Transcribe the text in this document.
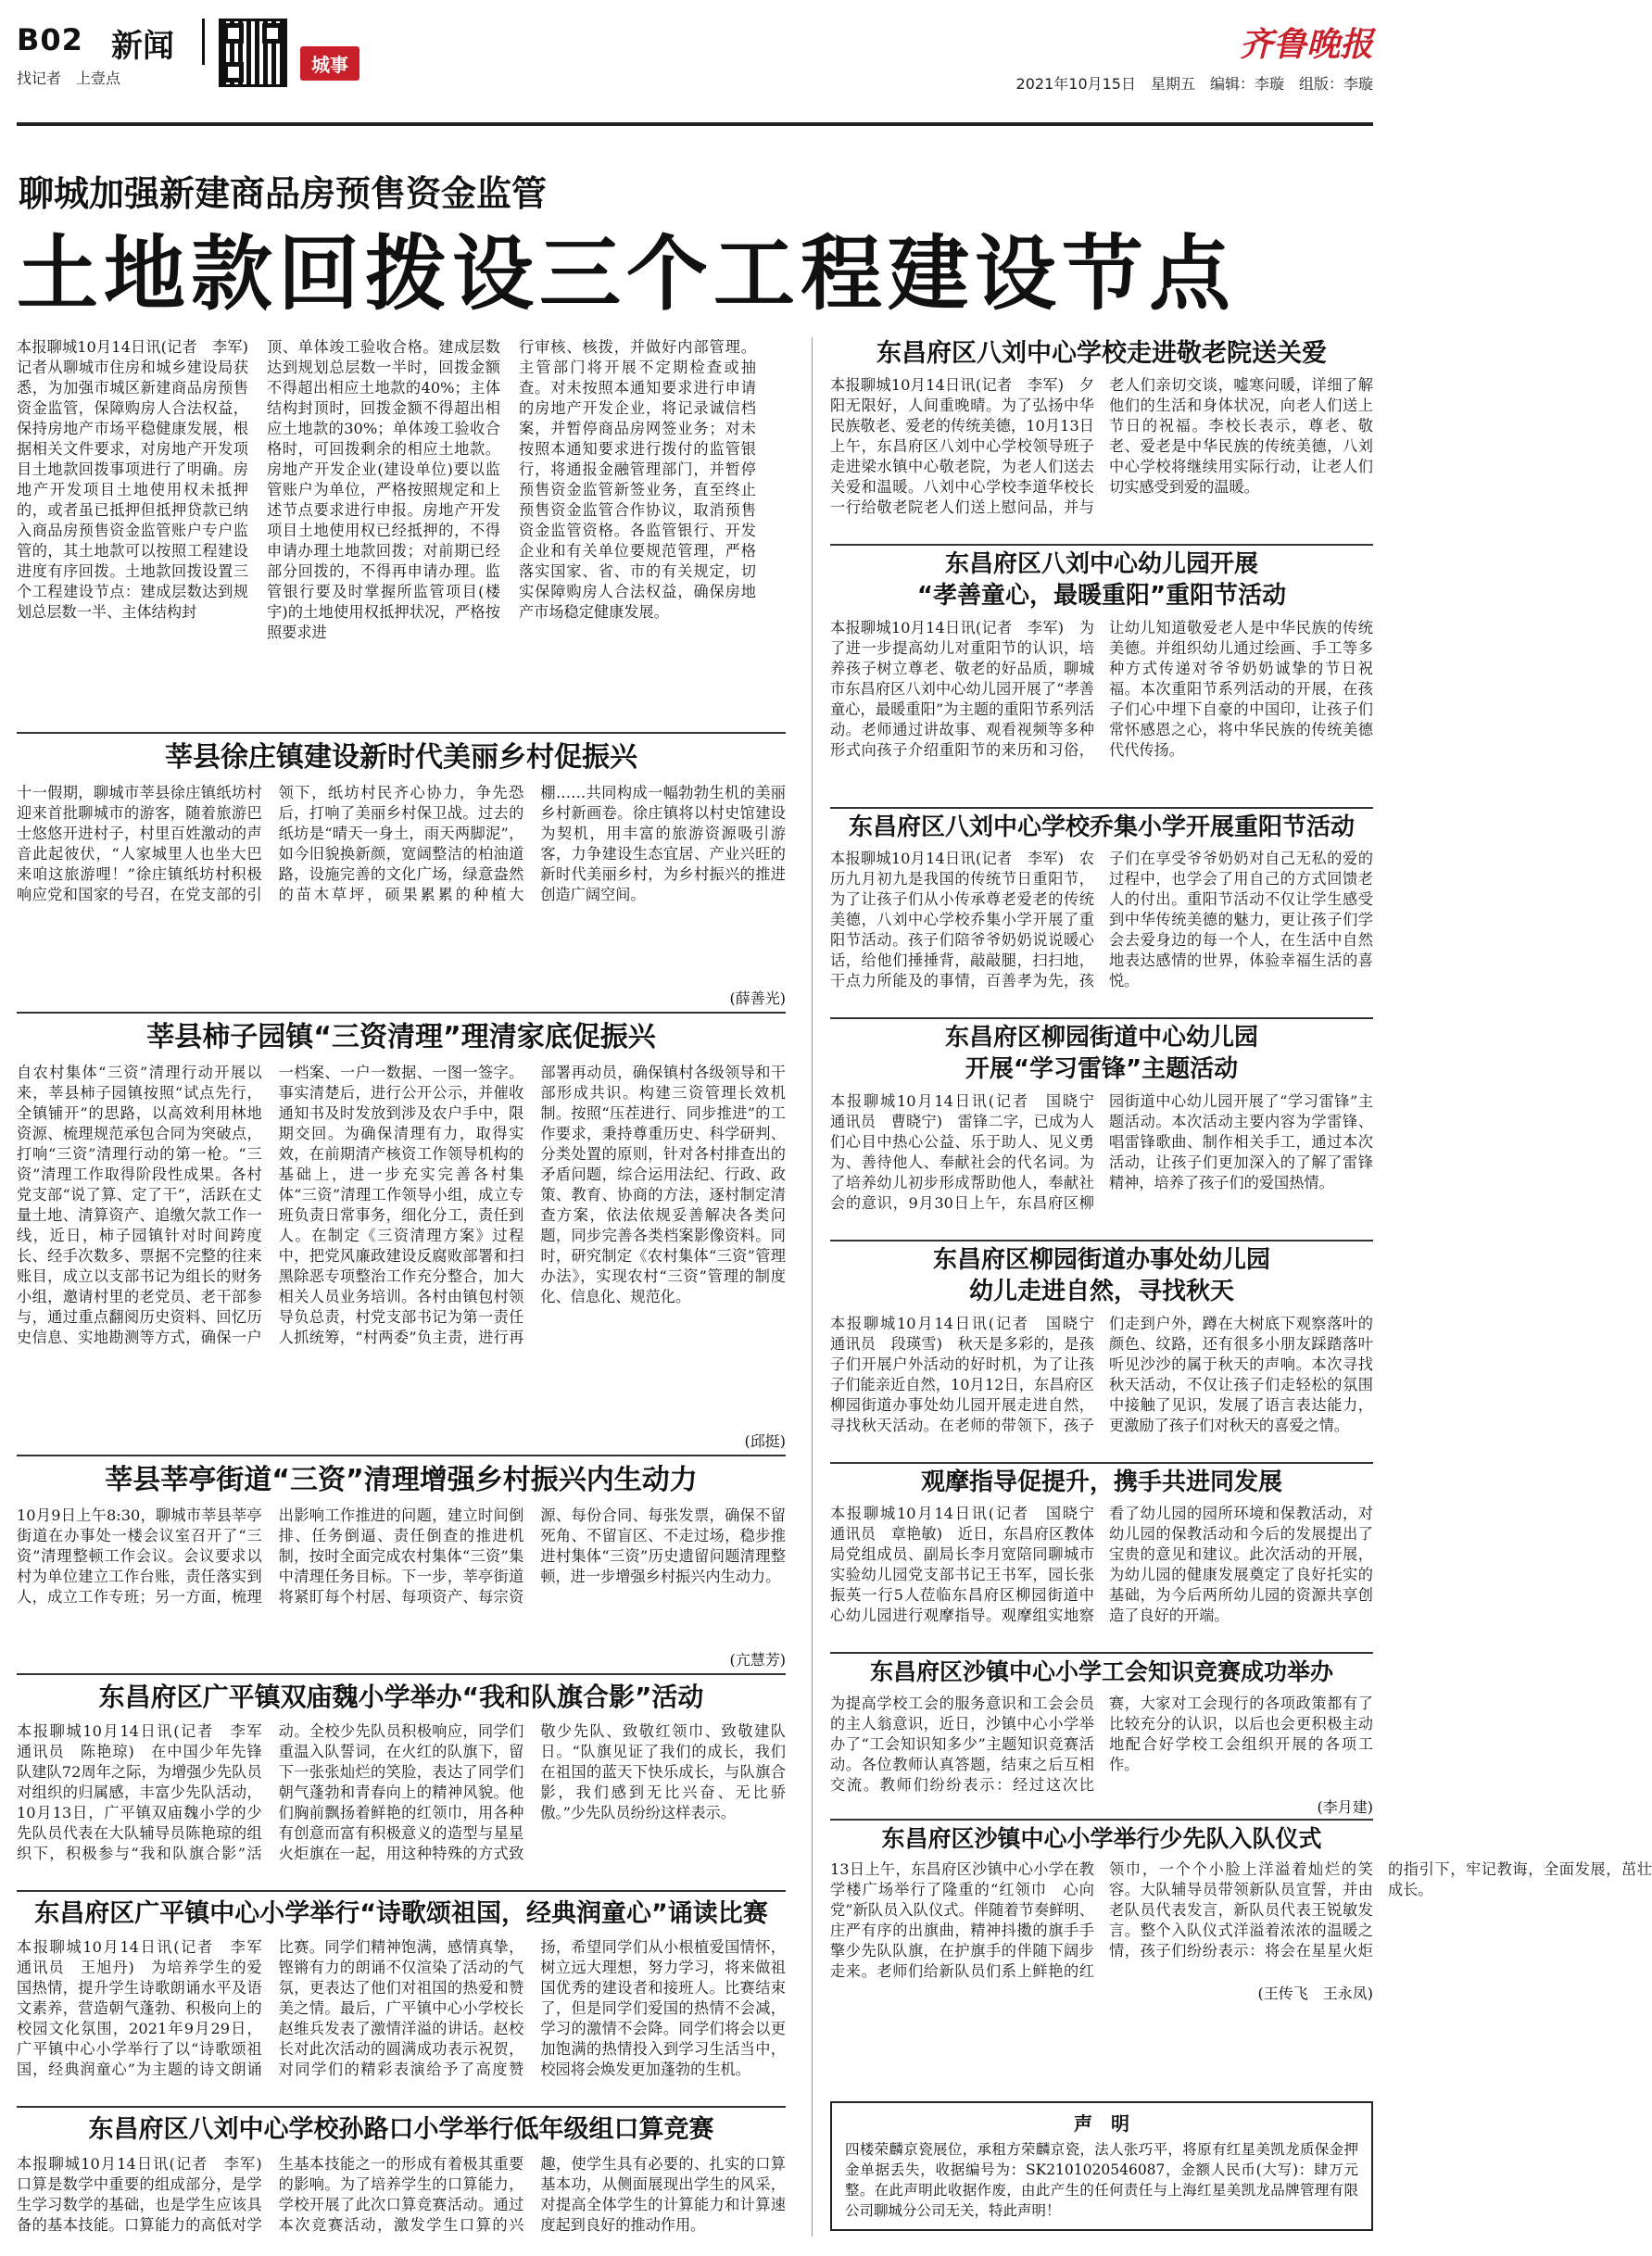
B02 新闻
找记者　上壹点
城事
齐鲁晚报
2021年10月15日　星期五　编辑：李璇　组版：李璇
聊城加强新建商品房预售资金监管
土地款回拨设三个工程建设节点
本报聊城10月14日讯(记者　李军)　记者从聊城市住房和城乡建设局获悉，为加强市城区新建商品房预售资金监管，保障购房人合法权益，保持房地产市场平稳健康发展，根据相关文件要求，对房地产开发项目土地款回拨事项进行了明确。房地产开发项目土地使用权未抵押的，或者虽已抵押但抵押贷款已纳入商品房预售资金监管账户专户监管的，其土地款可以按照工程建设进度有序回拨。土地款回拨设置三个工程建设节点：建成层数达到规划总层数一半、主体结构封
顶、单体竣工验收合格。建成层数达到规划总层数一半时，回拨金额不得超出相应土地款的40%；主体结构封顶时，回拨金额不得超出相应土地款的30%；单体竣工验收合格时，可回拨剩余的相应土地款。房地产开发企业(建设单位)要以监管账户为单位，严格按照规定和上述节点要求进行申报。房地产开发项目土地使用权已经抵押的，不得申请办理土地款回拨；对前期已经部分回拨的，不得再申请办理。监管银行要及时掌握所监管项目(楼宇)的土地使用权抵押状况，严格按照要求进
行审核、核拨，并做好内部管理。主管部门将开展不定期检查或抽查。对未按照本通知要求进行申请的房地产开发企业，将记录诚信档案，并暂停商品房网签业务；对未按照本通知要求进行拨付的监管银行，将通报金融管理部门，并暂停预售资金监管新签业务，直至终止预售资金监管合作协议，取消预售资金监管资格。各监管银行、开发企业和有关单位要规范管理，严格落实国家、省、市的有关规定，切实保障购房人合法权益，确保房地产市场稳定健康发展。
莘县徐庄镇建设新时代美丽乡村促振兴
十一假期，聊城市莘县徐庄镇纸坊村迎来首批聊城市的游客，随着旅游巴士悠悠开进村子，村里百姓激动的声音此起彼伏，“人家城里人也坐大巴来咱这旅游哩！”徐庄镇纸坊村积极响应党和国家的号召，在党支部的引领下，纸坊村民齐心协力，争先恐后，打响了美丽乡村保卫战。过去的纸坊是“晴天一身土，雨天两脚泥”，如今旧貌换新颜，宽阔整洁的柏油道路，设施完善的文化广场，绿意盎然的苗木草坪，硕果累累的种植大棚……共同构成一幅勃勃生机的美丽乡村新画卷。徐庄镇将以村史馆建设为契机，用丰富的旅游资源吸引游客，力争建设生态宜居、产业兴旺的新时代美丽乡村，为乡村振兴的推进创造广阔空间。
(薛善光)
莘县柿子园镇“三资清理”理清家底促振兴
自农村集体“三资”清理行动开展以来，莘县柿子园镇按照“试点先行，全镇铺开”的思路，以高效利用林地资源、梳理规范承包合同为突破点，打响“三资”清理行动的第一枪。“三资”清理工作取得阶段性成果。各村党支部“说了算、定了干”，活跃在丈量土地、清算资产、追缴欠款工作一线，近日，柿子园镇针对时间跨度长、经手次数多、票据不完整的往来账目，成立以支部书记为组长的财务小组，邀请村里的老党员、老干部参与，通过重点翻阅历史资料、回忆历史信息、实地勘测等方式，确保一户一档案、一户一数据、一图一签字。事实清楚后，进行公开公示，并催收通知书及时发放到涉及农户手中，限期交回。为确保清理有力，取得实效，在前期清产核资工作领导机构的基础上，进一步充实完善各村集体“三资”清理工作领导小组，成立专班负责日常事务，细化分工，责任到人。在制定《三资清理方案》过程中，把党风廉政建设反腐败部署和扫黑除恶专项整治工作充分整合，加大相关人员业务培训。各村由镇包村领导负总责，村党支部书记为第一责任人抓统筹，“村两委”负主责，进行再部署再动员，确保镇村各级领导和干部形成共识。构建三资管理长效机制。按照“压茬进行、同步推进”的工作要求，秉持尊重历史、科学研判、分类处置的原则，针对各村排查出的矛盾问题，综合运用法纪、行政、政策、教育、协商的方法，逐村制定清查方案，依法依规妥善解决各类问题，同步完善各类档案影像资料。同时，研究制定《农村集体“三资”管理办法》，实现农村“三资”管理的制度化、信息化、规范化。
(邱挺)
莘县莘亭街道“三资”清理增强乡村振兴内生动力
10月9日上午8:30，聊城市莘县莘亭街道在办事处一楼会议室召开了“三资”清理整顿工作会议。会议要求以村为单位建立工作台账，责任落实到人，成立工作专班；另一方面，梳理出影响工作推进的问题，建立时间倒排、任务倒逼、责任倒查的推进机制，按时全面完成农村集体“三资”集中清理任务目标。下一步，莘亭街道将紧盯每个村居、每项资产、每宗资源、每份合同、每张发票，确保不留死角、不留盲区、不走过场，稳步推进村集体“三资”历史遗留问题清理整顿，进一步增强乡村振兴内生动力。
(亢慧芳)
东昌府区广平镇双庙魏小学举办“我和队旗合影”活动
本报聊城10月14日讯(记者　李军　通讯员　陈艳琼)　在中国少年先锋队建队72周年之际，为增强少先队员对组织的归属感，丰富少先队活动，10月13日，广平镇双庙魏小学的少先队员代表在大队辅导员陈艳琼的组织下，积极参与“我和队旗合影”活动。全校少先队员积极响应，同学们重温入队誓词，在火红的队旗下，留下一张张灿烂的笑脸，表达了同学们朝气蓬勃和青春向上的精神风貌。他们胸前飘扬着鲜艳的红领巾，用各种有创意而富有积极意义的造型与星星火炬旗在一起，用这种特殊的方式致敬少先队、致敬红领巾、致敬建队日。“队旗见证了我们的成长，我们在祖国的蓝天下快乐成长，与队旗合影，我们感到无比兴奋、无比骄傲。”少先队员纷纷这样表示。
东昌府区广平镇中心小学举行“诗歌颂祖国，经典润童心”诵读比赛
本报聊城10月14日讯(记者　李军　通讯员　王旭丹)　为培养学生的爱国热情，提升学生诗歌朗诵水平及语文素养，营造朝气蓬勃、积极向上的校园文化氛围，2021年9月29日，广平镇中心小学举行了以“诗歌颂祖国，经典润童心”为主题的诗文朗诵比赛。同学们精神饱满，感情真挚，铿锵有力的朗诵不仅渲染了活动的气氛，更表达了他们对祖国的热爱和赞美之情。最后，广平镇中心小学校长赵维兵发表了激情洋溢的讲话。赵校长对此次活动的圆满成功表示祝贺，对同学们的精彩表演给予了高度赞扬，希望同学们从小根植爱国情怀，树立远大理想，努力学习，将来做祖国优秀的建设者和接班人。比赛结束了，但是同学们爱国的热情不会减，学习的激情不会降。同学们将会以更加饱满的热情投入到学习生活当中，校园将会焕发更加蓬勃的生机。
东昌府区八刘中心学校孙路口小学举行低年级组口算竞赛
本报聊城10月14日讯(记者　李军)　口算是数学中重要的组成部分，是学生学习数学的基础，也是学生应该具备的基本技能。口算能力的高低对学生基本技能之一的形成有着极其重要的影响。为了培养学生的口算能力，学校开展了此次口算竞赛活动。通过本次竞赛活动，激发学生口算的兴趣，使学生具有必要的、扎实的口算基本功，从侧面展现出学生的风采，对提高全体学生的计算能力和计算速度起到良好的推动作用。
东昌府区八刘中心学校走进敬老院送关爱
本报聊城10月14日讯(记者　李军)　夕阳无限好，人间重晚晴。为了弘扬中华民族敬老、爱老的传统美德，10月13日上午，东昌府区八刘中心学校领导班子走进梁水镇中心敬老院，为老人们送去关爱和温暖。八刘中心学校李道华校长一行给敬老院老人们送上慰问品，并与老人们亲切交谈，嘘寒问暖，详细了解他们的生活和身体状况，向老人们送上节日的祝福。李校长表示，尊老、敬老、爱老是中华民族的传统美德，八刘中心学校将继续用实际行动，让老人们切实感受到爱的温暖。
东昌府区八刘中心幼儿园开展
“孝善童心，最暖重阳”重阳节活动
本报聊城10月14日讯(记者　李军)　为了进一步提高幼儿对重阳节的认识，培养孩子树立尊老、敬老的好品质，聊城市东昌府区八刘中心幼儿园开展了“孝善童心，最暖重阳”为主题的重阳节系列活动。老师通过讲故事、观看视频等多种形式向孩子介绍重阳节的来历和习俗，让幼儿知道敬爱老人是中华民族的传统美德。并组织幼儿通过绘画、手工等多种方式传递对爷爷奶奶诚挚的节日祝福。本次重阳节系列活动的开展，在孩子们心中埋下自豪的中国印，让孩子们常怀感恩之心，将中华民族的传统美德代代传扬。
东昌府区八刘中心学校乔集小学开展重阳节活动
本报聊城10月14日讯(记者　李军)　农历九月初九是我国的传统节日重阳节，为了让孩子们从小传承尊老爱老的传统美德，八刘中心学校乔集小学开展了重阳节活动。孩子们陪爷爷奶奶说说暖心话，给他们捶捶背，敲敲腿，扫扫地，干点力所能及的事情，百善孝为先，孩子们在享受爷爷奶奶对自己无私的爱的过程中，也学会了用自己的方式回馈老人的付出。重阳节活动不仅让学生感受到中华传统美德的魅力，更让孩子们学会去爱身边的每一个人，在生活中自然地表达感情的世界，体验幸福生活的喜悦。
东昌府区柳园街道中心幼儿园
开展“学习雷锋”主题活动
本报聊城10月14日讯(记者　国晓宁　通讯员　曹晓宁)　雷锋二字，已成为人们心目中热心公益、乐于助人、见义勇为、善待他人、奉献社会的代名词。为了培养幼儿初步形成帮助他人，奉献社会的意识，9月30日上午，东昌府区柳园街道中心幼儿园开展了“学习雷锋”主题活动。本次活动主要内容为学雷锋、唱雷锋歌曲、制作相关手工，通过本次活动，让孩子们更加深入的了解了雷锋精神，培养了孩子们的爱国热情。
东昌府区柳园街道办事处幼儿园
幼儿走进自然，寻找秋天
本报聊城10月14日讯(记者　国晓宁　通讯员　段瑛雪)　秋天是多彩的，是孩子们开展户外活动的好时机，为了让孩子们能亲近自然，10月12日，东昌府区柳园街道办事处幼儿园开展走进自然，寻找秋天活动。在老师的带领下，孩子们走到户外，蹲在大树底下观察落叶的颜色、纹路，还有很多小朋友踩踏落叶听见沙沙的属于秋天的声响。本次寻找秋天活动，不仅让孩子们走轻松的氛围中接触了见识，发展了语言表达能力，更激励了孩子们对秋天的喜爱之情。
观摩指导促提升，携手共进同发展
本报聊城10月14日讯(记者　国晓宁　通讯员　章艳敏)　近日，东昌府区教体局党组成员、副局长李月宽陪同聊城市实验幼儿园党支部书记王书军，园长张振英一行5人莅临东昌府区柳园街道中心幼儿园进行观摩指导。观摩组实地察看了幼儿园的园所环境和保教活动，对幼儿园的保教活动和今后的发展提出了宝贵的意见和建议。此次活动的开展，为幼儿园的健康发展奠定了良好托实的基础，为今后两所幼儿园的资源共享创造了良好的开端。
东昌府区沙镇中心小学工会知识竞赛成功举办
为提高学校工会的服务意识和工会会员的主人翁意识，近日，沙镇中心小学举办了“工会知识知多少”主题知识竞赛活动。各位教师认真答题，结束之后互相交流。教师们纷纷表示：经过这次比赛，大家对工会现行的各项政策都有了比较充分的认识，以后也会更积极主动地配合好学校工会组织开展的各项工作。
(李月建)
东昌府区沙镇中心小学举行少先队入队仪式
13日上午，东昌府区沙镇中心小学在教学楼广场举行了隆重的“红领巾　心向党”新队员入队仪式。伴随着节奏鲜明、庄严有序的出旗曲，精神抖擞的旗手手擎少先队队旗，在护旗手的伴随下阔步走来。老师们给新队员们系上鲜艳的红领巾，一个个小脸上洋溢着灿烂的笑容。大队辅导员带领新队员宣誓，并由老队员代表发言，新队员代表王锐敏发言。整个入队仪式洋溢着浓浓的温暖之情，孩子们纷纷表示：将会在星星火炬的指引下，牢记教诲，全面发展，茁壮成长。
(王传飞　王永凤)
声　明
四楼荣麟京瓷展位，承租方荣麟京瓷，法人张巧平，将原有红星美凯龙质保金押金单据丢失，收据编号为：SK2101020546087，金额人民币(大写)：肆万元整。在此声明此收据作废，由此产生的任何责任与上海红星美凯龙品牌管理有限公司聊城分公司无关，特此声明！
